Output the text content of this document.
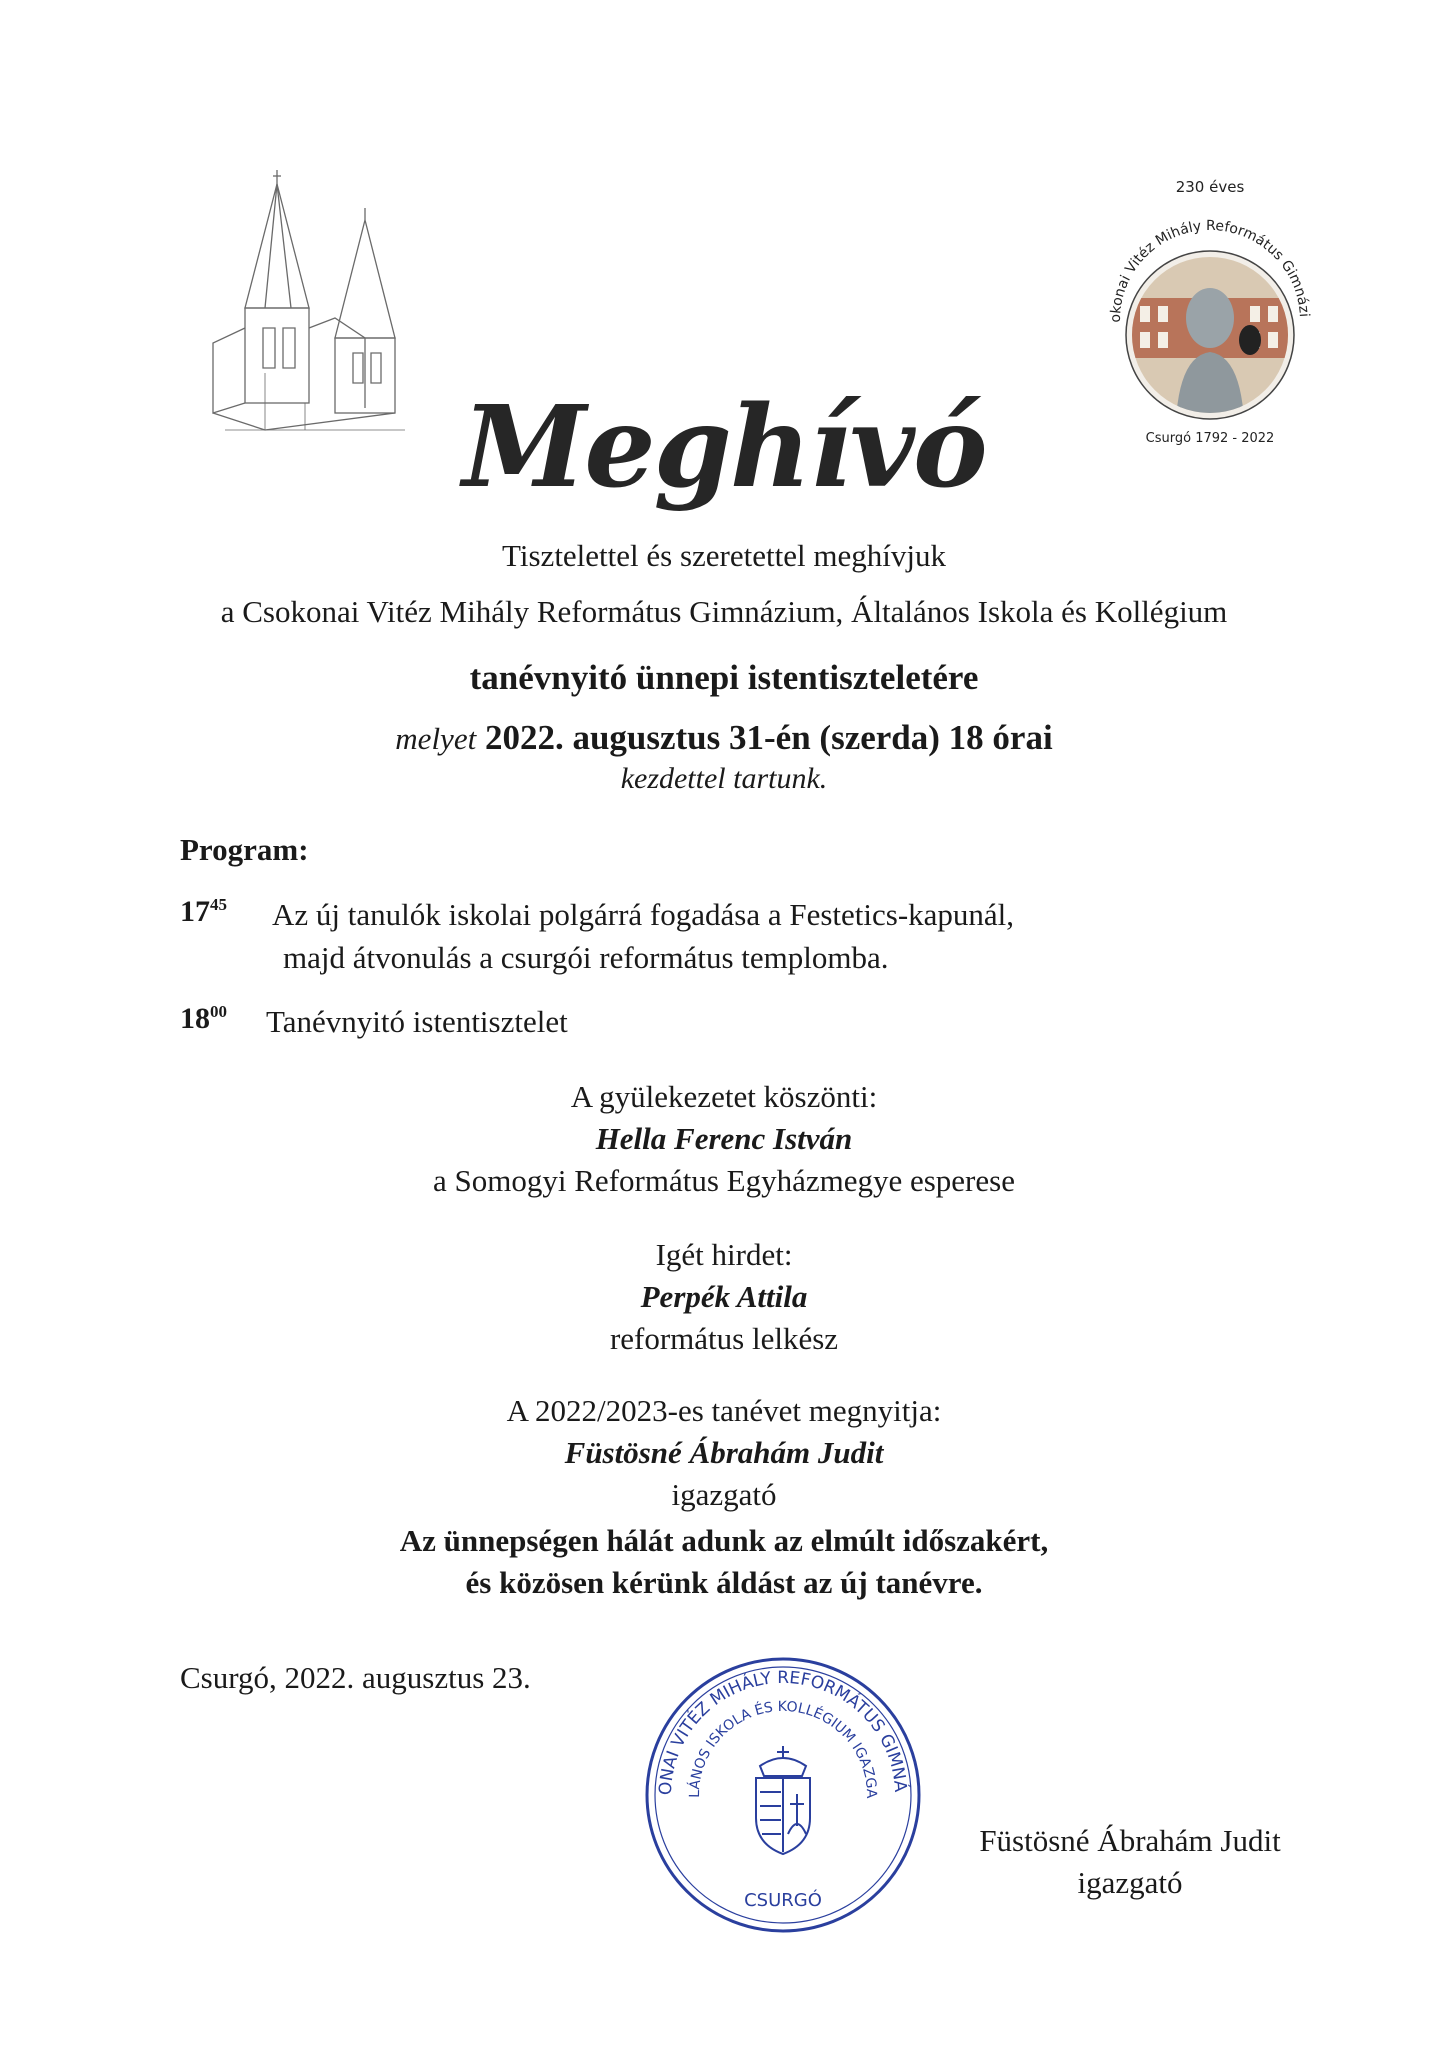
230 éves
okonai Vitéz Mihály Református Gimnázi
Csurgó 1792 - 2022
Meghívó
Tisztelettel és szeretettel meghívjuk
a Csokonai Vitéz Mihály Református Gimnázium, Általános Iskola és Kollégium
tanévnyitó ünnepi istentiszteletére
melyet 2022. augusztus 31-én (szerda) 18 órai
kezdettel tartunk.
Program:
$17^{45}$ Az új tanulók iskolai polgárrá fogadása a Festetics-kapunál,
majd átvonulás a csurgói református templomba.
$18^{00}$ Tanévnyitó istentisztelet
A gyülekezetet köszönti:
Hella Ferenc István
a Somogyi Református Egyházmegye esperese
Igét hirdet:
Perpék Attila
református lelkész
A 2022/2023-es tanévet megnyitja:
Füstösné Ábrahám Judit
igazgató
Az ünnepségen hálát adunk az elmúlt időszakért,
és közösen kérünk áldást az új tanévre.
Csurgó, 2022. augusztus 23.
ONAI VITÉZ MIHÁLY REFORMÁTUS GIMNÁ
LÁNOS ISKOLA ÉS KOLLÉGIUM IGAZGA
CSURGÓ
Füstösné Ábrahám Judit
igazgató
